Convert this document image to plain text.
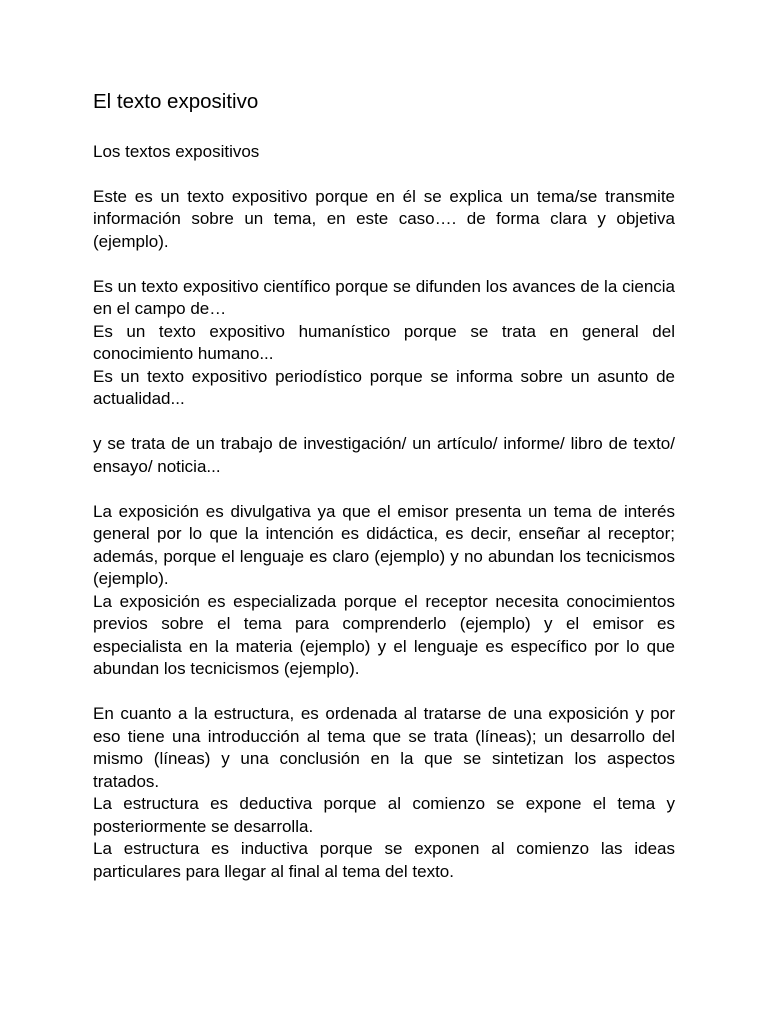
El texto expositivo

Los textos expositivos

Este es un texto expositivo porque en él se explica un tema/se transmite información sobre un tema, en este caso…. de forma clara y objetiva (ejemplo).

Es un texto expositivo científico porque se difunden los avances de la ciencia en el campo de…

Es un texto expositivo humanístico porque se trata en general del conocimiento humano...

Es un texto expositivo periodístico porque se informa sobre un asunto de actualidad...

y se trata de un trabajo de investigación/ un artículo/ informe/ libro de texto/ ensayo/ noticia...

La exposición es divulgativa ya que el emisor presenta un tema de interés general por lo que la intención es didáctica, es decir, enseñar al receptor; además, porque el lenguaje es claro (ejemplo) y no abundan los tecnicismos (ejemplo).

La exposición es especializada porque el receptor necesita conocimientos previos sobre el tema para comprenderlo (ejemplo) y el emisor es especialista en la materia (ejemplo) y el lenguaje es específico por lo que abundan los tecnicismos (ejemplo).

En cuanto a la estructura, es ordenada al tratarse de una exposición y por eso tiene una introducción al tema que se trata (líneas); un desarrollo del mismo (líneas) y una conclusión en la que se sintetizan los aspectos tratados.

La estructura es deductiva porque al comienzo se expone el tema y posteriormente se desarrolla.

La estructura es inductiva porque se exponen al comienzo las ideas particulares para llegar al final al tema del texto.
